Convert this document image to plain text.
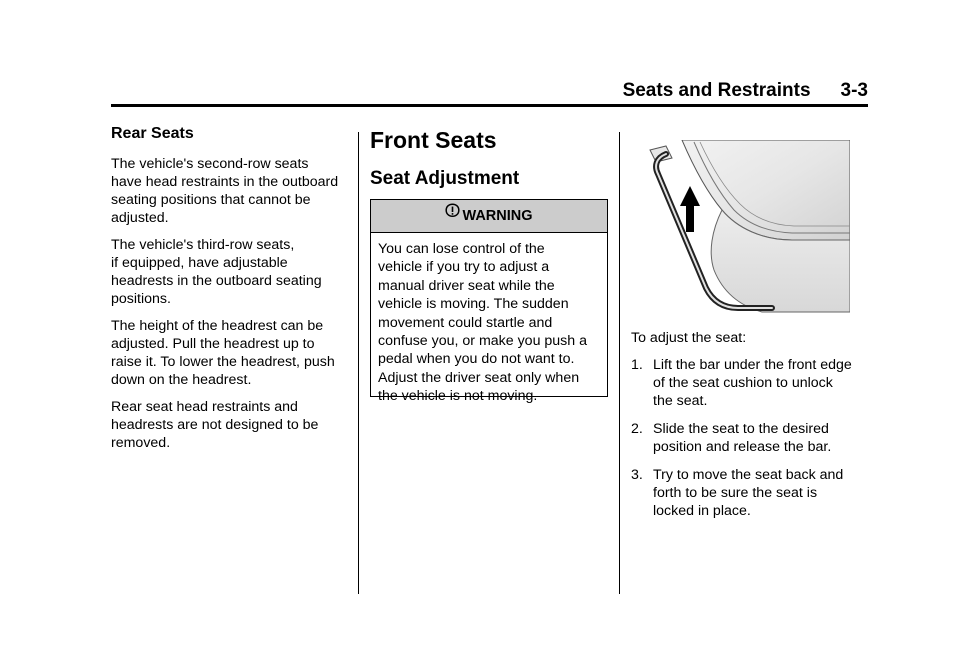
Seats and Restraints 3-3
Rear Seats
The vehicle's second-row seats
have head restraints in the outboard
seating positions that cannot be
adjusted.
The vehicle's third-row seats,
if equipped, have adjustable
headrests in the outboard seating
positions.
The height of the headrest can be
adjusted. Pull the headrest up to
raise it. To lower the headrest, push
down on the headrest.
Rear seat head restraints and
headrests are not designed to be
removed.
Front Seats
Seat Adjustment
WARNING
You can lose control of the
vehicle if you try to adjust a
manual driver seat while the
vehicle is moving. The sudden
movement could startle and
confuse you, or make you push a
pedal when you do not want to.
Adjust the driver seat only when
the vehicle is not moving.
To adjust the seat:
1. Lift the bar under the front edge
of the seat cushion to unlock
the seat.
2. Slide the seat to the desired
position and release the bar.
3. Try to move the seat back and
forth to be sure the seat is
locked in place.
